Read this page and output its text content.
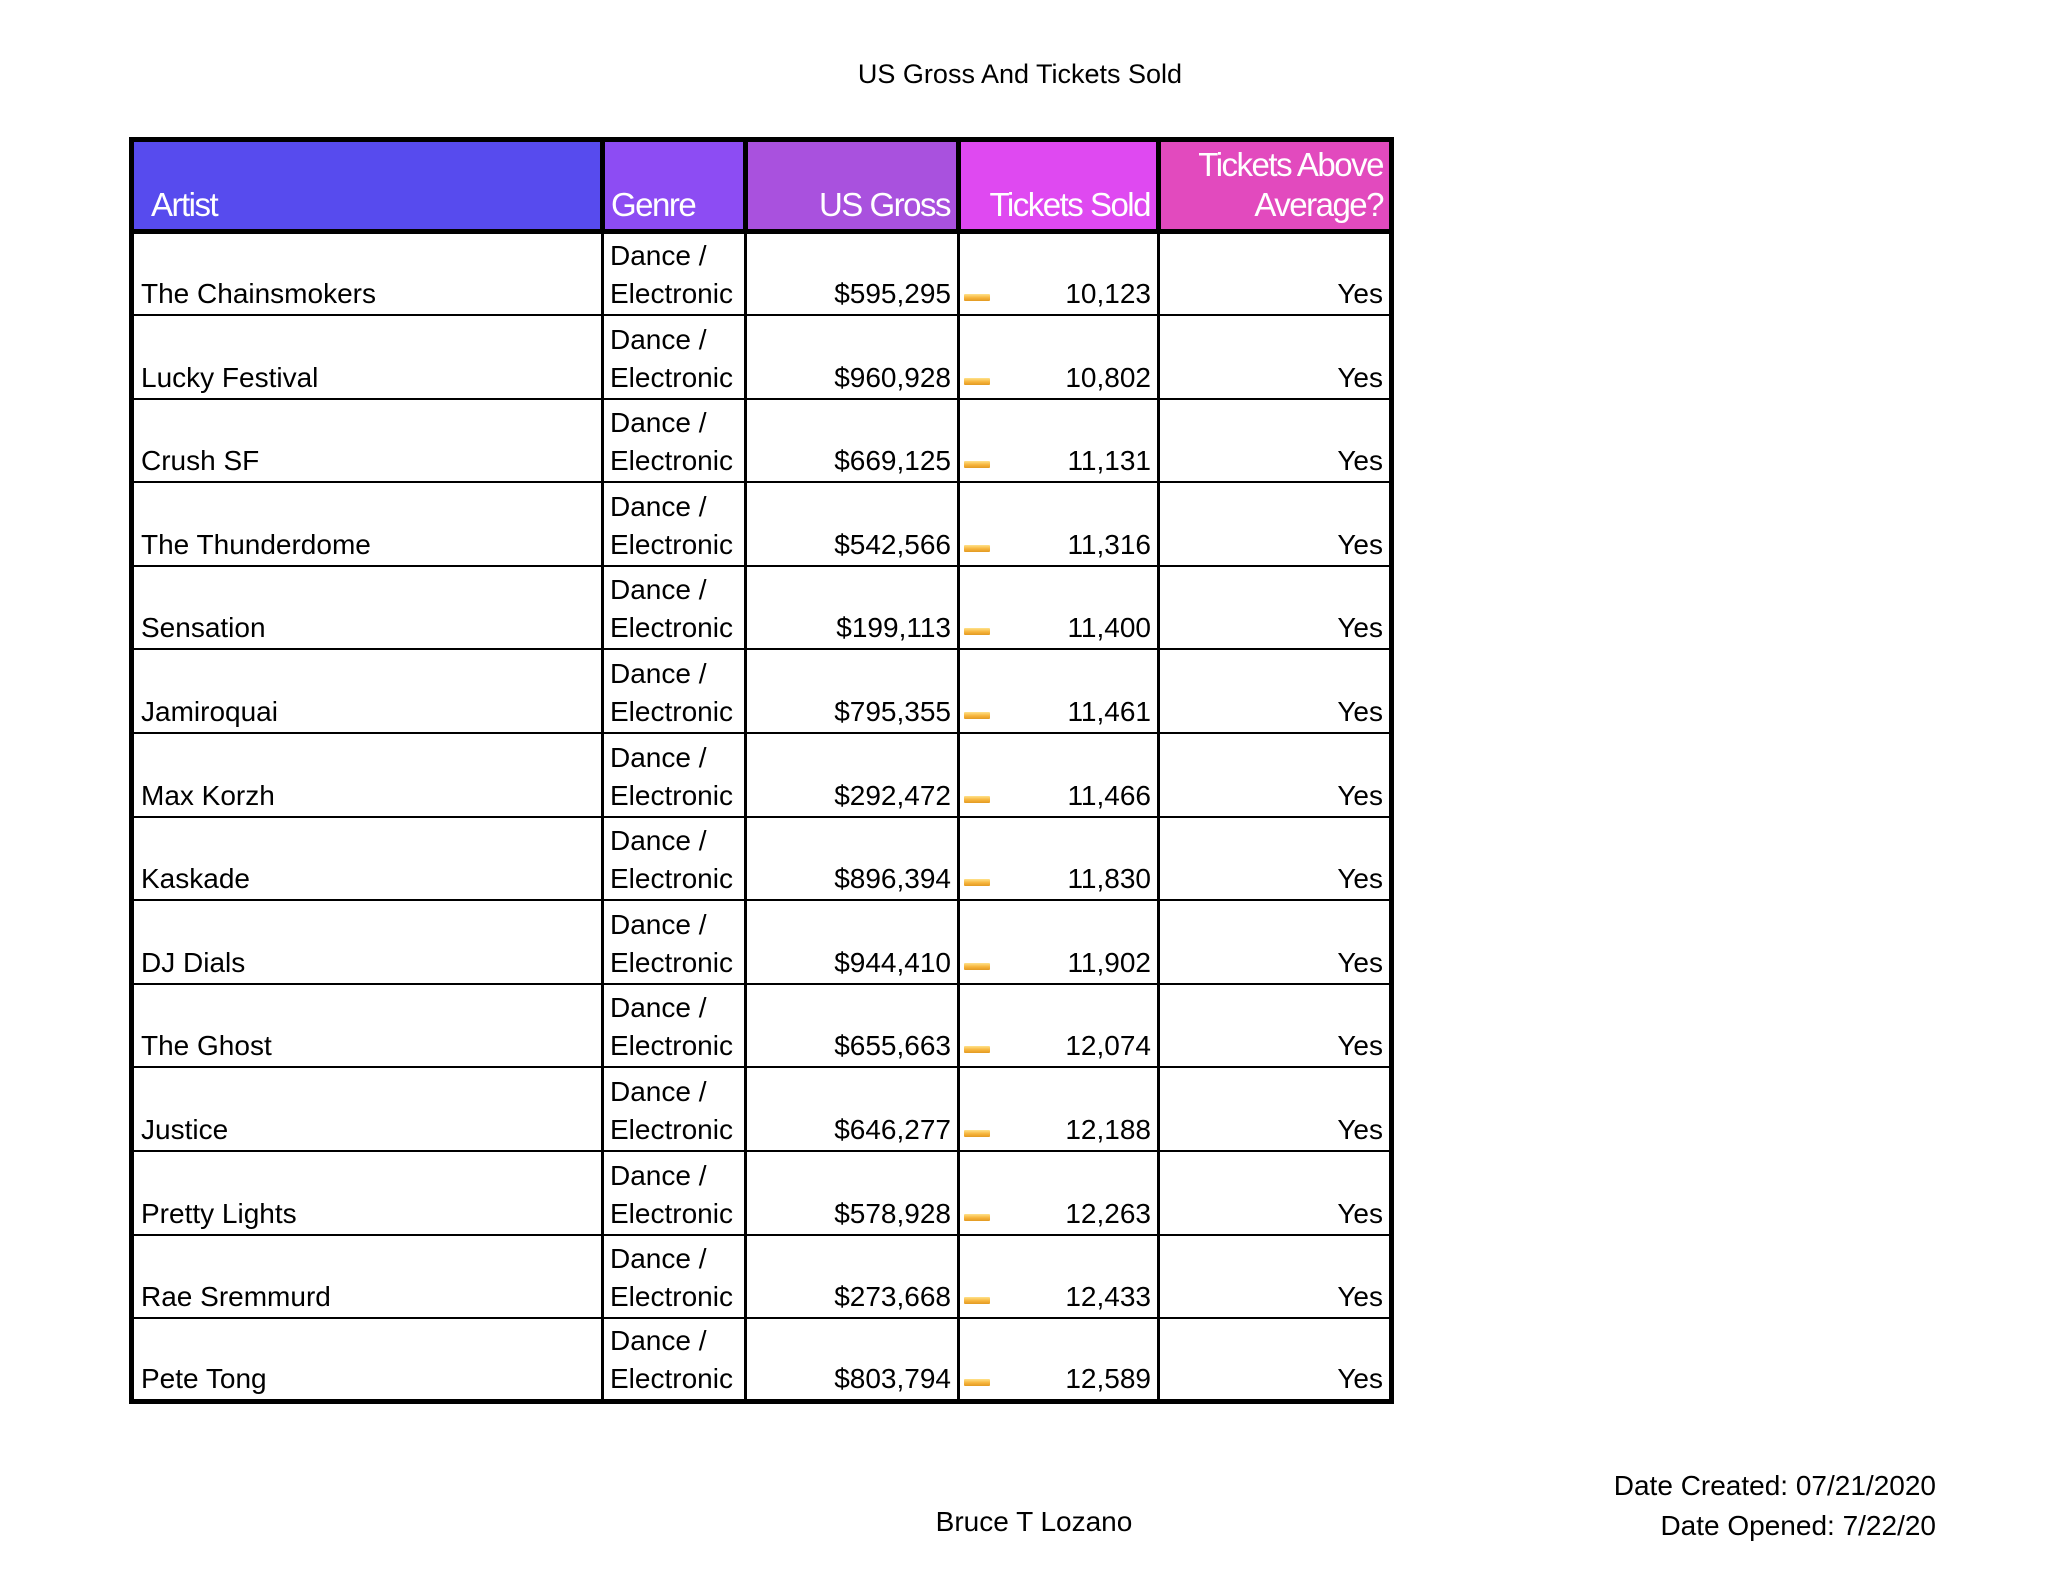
US Gross And Tickets Sold
Artist	Genre	US Gross	Tickets Sold	Tickets Above
Average?
The Chainsmokers	Dance /
Electronic	$595,295	10,123	Yes
Lucky Festival	Dance /
Electronic	$960,928	10,802	Yes
Crush SF	Dance /
Electronic	$669,125	11,131	Yes
The Thunderdome	Dance /
Electronic	$542,566	11,316	Yes
Sensation	Dance /
Electronic	$199,113	11,400	Yes
Jamiroquai	Dance /
Electronic	$795,355	11,461	Yes
Max Korzh	Dance /
Electronic	$292,472	11,466	Yes
Kaskade	Dance /
Electronic	$896,394	11,830	Yes
DJ Dials	Dance /
Electronic	$944,410	11,902	Yes
The Ghost	Dance /
Electronic	$655,663	12,074	Yes
Justice	Dance /
Electronic	$646,277	12,188	Yes
Pretty Lights	Dance /
Electronic	$578,928	12,263	Yes
Rae Sremmurd	Dance /
Electronic	$273,668	12,433	Yes
Pete Tong	Dance /
Electronic	$803,794	12,589	Yes
Bruce T Lozano
Date Created: 07/21/2020
Date Opened: 7/22/20
